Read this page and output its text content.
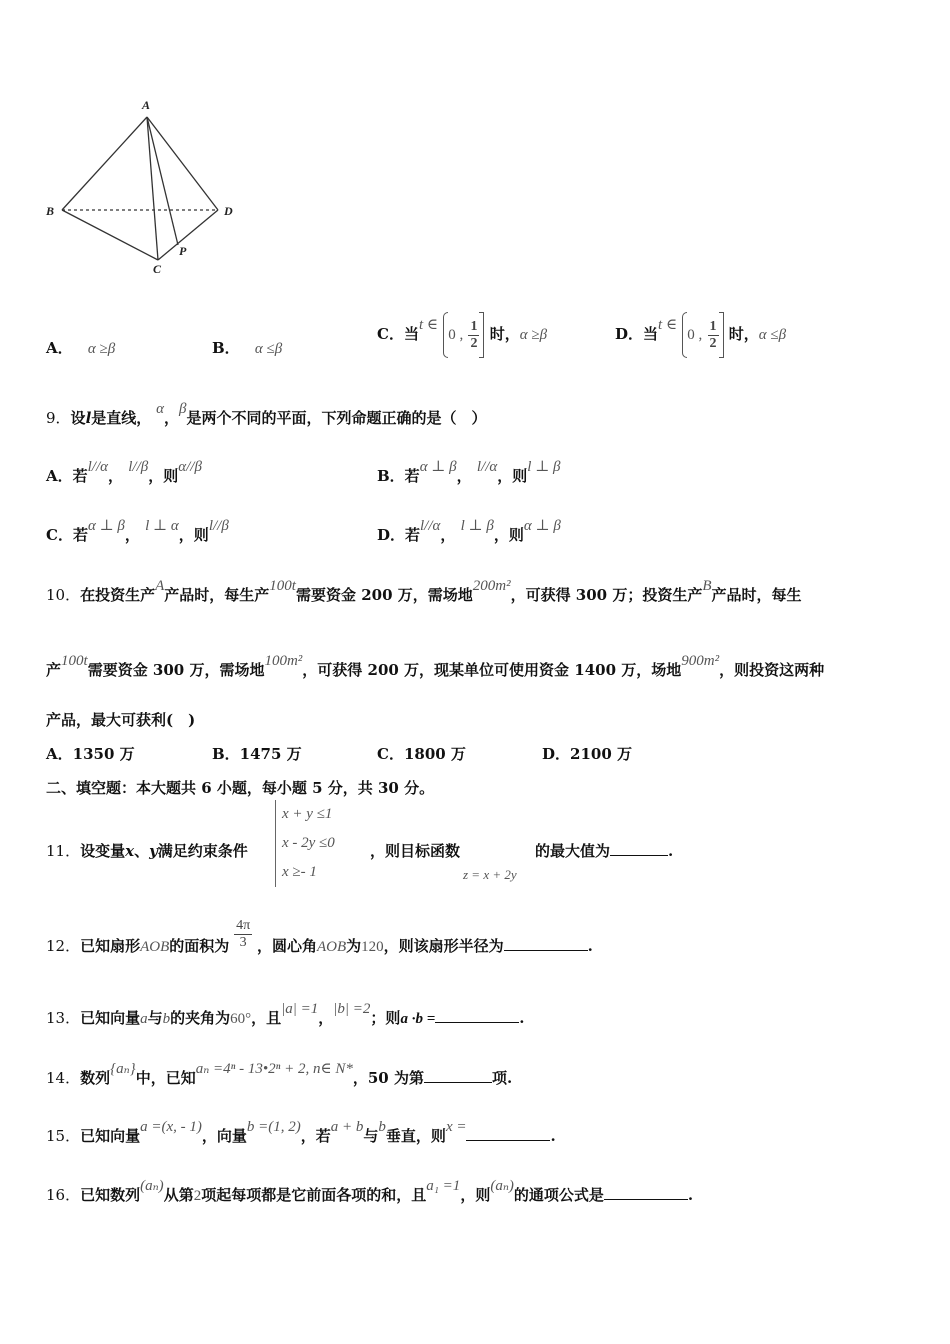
A
B	D
C
P
A． α ≥β	B． α ≤β
C．当t ∈ 0 , $\frac{1}{2}$ 时，α ≥β	D．当t ∈ 0 , $\frac{1}{2}$ 时，α ≤β
9．设l是直线， α，β是两个不同的平面，下列命题正确的是（　）
A．若l//α， l//β，则α//β	B．若α ⊥ β， l//α，则l ⊥ β
C．若α ⊥ β， l ⊥ α，则l//β	D．若l//α， l ⊥ β，则α ⊥ β
10．在投资生产A产品时，每生产100t需要资金 200 万，需场地200m²，可获得 300 万；投资生产B产品时，每生
产100t需要资金 300 万，需场地100m²，可获得 200 万，现某单位可使用资金 1400 万，场地900m²，则投资这两种
产品，最大可获利(　)
A．1350 万	B．1475 万	C．1800 万	D．2100 万
二、填空题：本大题共 6 小题，每小题 5 分，共 30 分。
x + y ≤1
x - 2y ≤0
x ≥- 1
11．设变量x、y满足约束条件	，则目标函数
z = x + 2y
的最大值为	.
12．已知扇形AOB的面积为 $\frac{4\pi}{3}$ ，圆心角AOB为120，则该扇形半径为	.
13．已知向量a与b的夹角为60°，且|a| =1，|b| =2；则a ·b =	.
14．数列{aₙ}中，已知aₙ =4ⁿ - 13•2ⁿ + 2, n∈ N*，50 为第	项.
15．已知向量a =(x, - 1)，向量b =(1, 2)，若a + b与b垂直，则x =	.
16．已知数列(aₙ)从第2项起每项都是它前面各项的和，且a₁ =1，则(aₙ)的通项公式是	.
